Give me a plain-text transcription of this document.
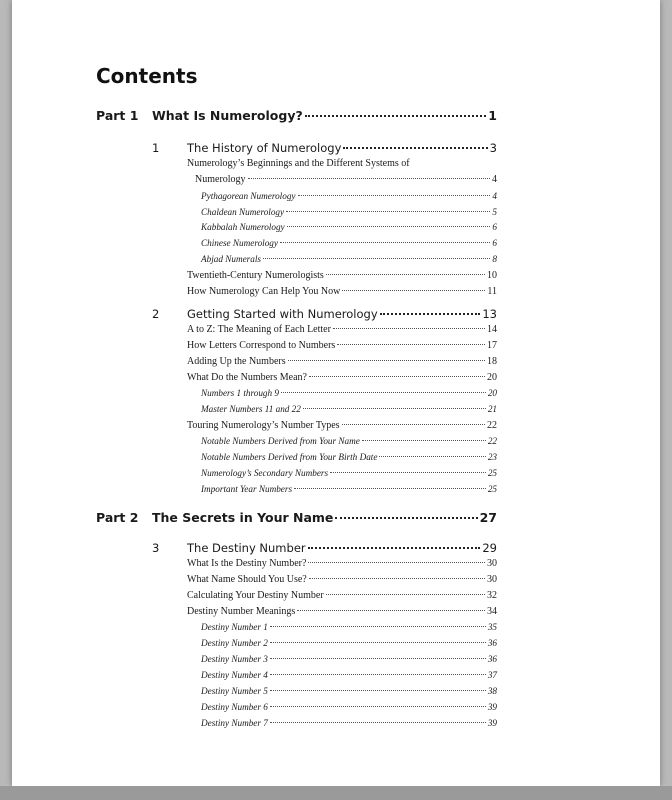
Contents
Part 1	What Is Numerology?	1
1	The History of Numerology	3
Numerology’s Beginnings and the Different Systems of
Numerology	4
Pythagorean Numerology	4
Chaldean Numerology	5
Kabbalah Numerology	6
Chinese Numerology	6
Abjad Numerals	8
Twentieth-Century Numerologists	10
How Numerology Can Help You Now	11
2	Getting Started with Numerology	13
A to Z: The Meaning of Each Letter	14
How Letters Correspond to Numbers	17
Adding Up the Numbers	18
What Do the Numbers Mean?	20
Numbers 1 through 9	20
Master Numbers 11 and 22	21
Touring Numerology’s Number Types	22
Notable Numbers Derived from Your Name	22
Notable Numbers Derived from Your Birth Date	23
Numerology’s Secondary Numbers	25
Important Year Numbers	25
Part 2	The Secrets in Your Name	27
3	The Destiny Number	29
What Is the Destiny Number?	30
What Name Should You Use?	30
Calculating Your Destiny Number	32
Destiny Number Meanings	34
Destiny Number 1	35
Destiny Number 2	36
Destiny Number 3	36
Destiny Number 4	37
Destiny Number 5	38
Destiny Number 6	39
Destiny Number 7	39
